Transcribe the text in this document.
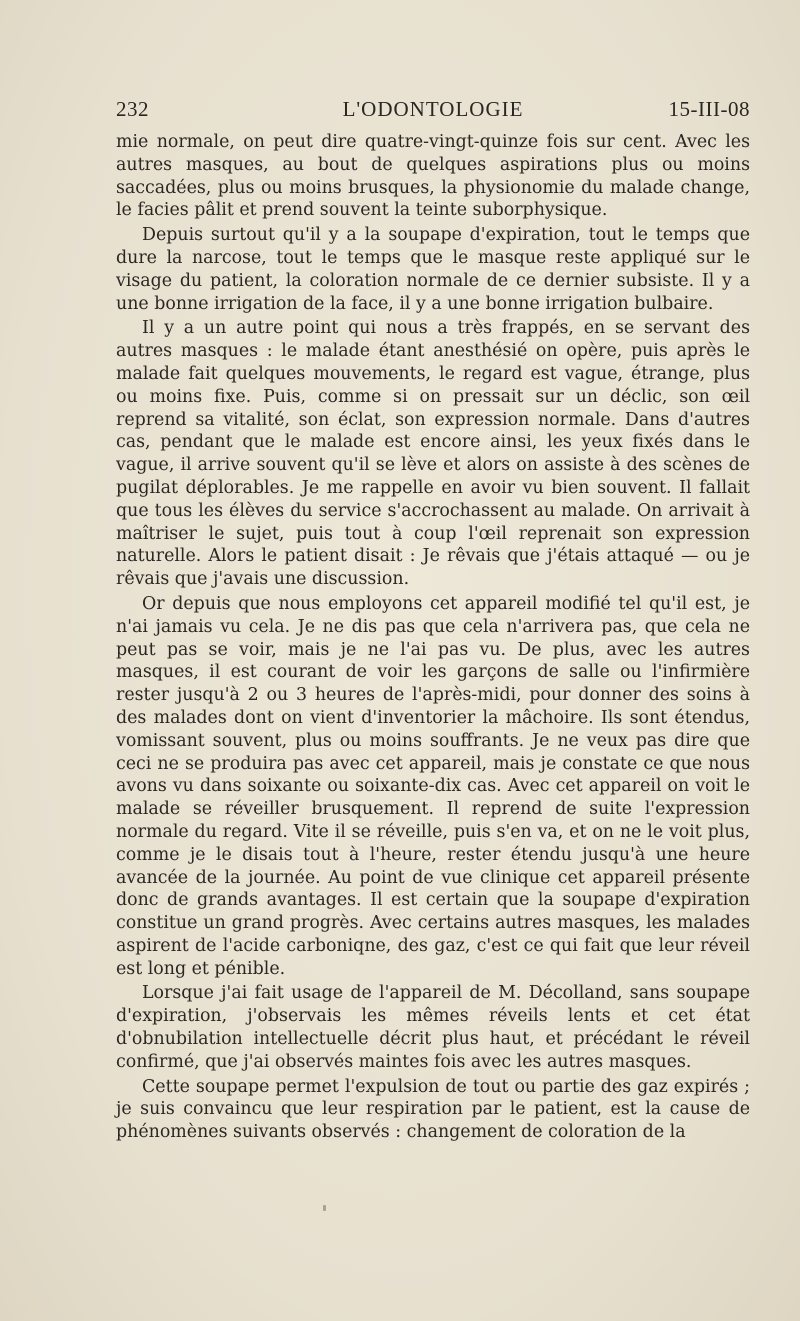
232	L'ODONTOLOGIE	15-III-08

mie normale, on peut dire quatre-vingt-quinze fois sur cent. Avec les autres masques, au bout de quelques aspirations plus ou moins saccadées, plus ou moins brusques, la physionomie du malade change, le facies pâlit et prend souvent la teinte suborphysique.

Depuis surtout qu'il y a la soupape d'expiration, tout le temps que dure la narcose, tout le temps que le masque reste appliqué sur le visage du patient, la coloration normale de ce dernier subsiste. Il y a une bonne irrigation de la face, il y a une bonne irrigation bulbaire.

Il y a un autre point qui nous a très frappés, en se servant des autres masques : le malade étant anesthésié on opère, puis après le malade fait quelques mouvements, le regard est vague, étrange, plus ou moins fixe. Puis, comme si on pressait sur un déclic, son œil reprend sa vitalité, son éclat, son expression normale. Dans d'autres cas, pendant que le malade est encore ainsi, les yeux fixés dans le vague, il arrive souvent qu'il se lève et alors on assiste à des scènes de pugilat déplorables. Je me rappelle en avoir vu bien souvent. Il fallait que tous les élèves du service s'accrochassent au malade. On arrivait à maîtriser le sujet, puis tout à coup l'œil reprenait son expression naturelle. Alors le patient disait : Je rêvais que j'étais attaqué — ou je rêvais que j'avais une discussion.

Or depuis que nous employons cet appareil modifié tel qu'il est, je n'ai jamais vu cela. Je ne dis pas que cela n'arrivera pas, que cela ne peut pas se voir, mais je ne l'ai pas vu. De plus, avec les autres masques, il est courant de voir les garçons de salle ou l'infirmière rester jusqu'à 2 ou 3 heures de l'après-midi, pour donner des soins à des malades dont on vient d'inventorier la mâchoire. Ils sont étendus, vomissant souvent, plus ou moins souffrants. Je ne veux pas dire que ceci ne se produira pas avec cet appareil, mais je constate ce que nous avons vu dans soixante ou soixante-dix cas. Avec cet appareil on voit le malade se réveiller brusquement. Il reprend de suite l'expression normale du regard. Vite il se réveille, puis s'en va, et on ne le voit plus, comme je le disais tout à l'heure, rester étendu jusqu'à une heure avancée de la journée. Au point de vue clinique cet appareil présente donc de grands avantages. Il est certain que la soupape d'expiration constitue un grand progrès. Avec certains autres masques, les malades aspirent de l'acide carboniqne, des gaz, c'est ce qui fait que leur réveil est long et pénible.

Lorsque j'ai fait usage de l'appareil de M. Décolland, sans soupape d'expiration, j'observais les mêmes réveils lents et cet état d'obnubilation intellectuelle décrit plus haut, et précédant le réveil confirmé, que j'ai observés maintes fois avec les autres masques.

Cette soupape permet l'expulsion de tout ou partie des gaz expirés ; je suis convaincu que leur respiration par le patient, est la cause de phénomènes suivants observés : changement de coloration de la
